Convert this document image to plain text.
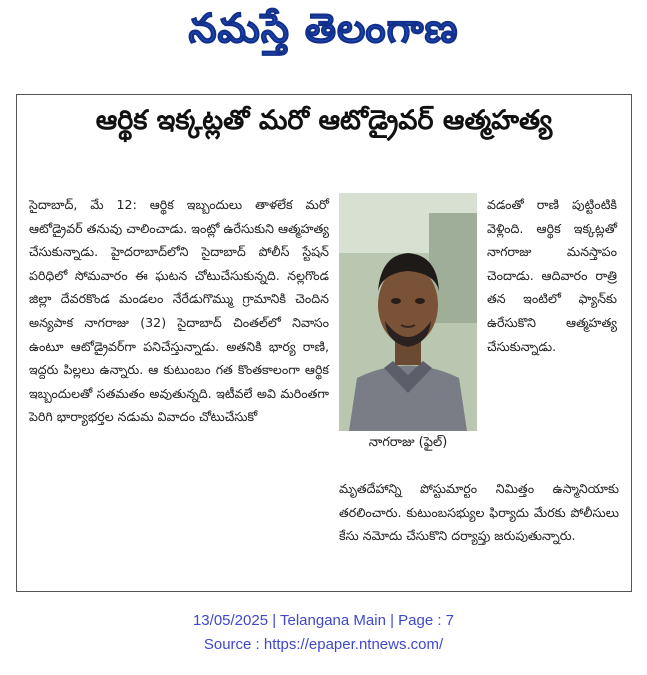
నమస్తే తెలంగాణ
ఆర్థిక ఇక్కట్లతో మరో ఆటోడ్రైవర్ ఆత్మహత్య

సైదాబాద్, మే 12: ఆర్థిక ఇబ్బందులు తాళలేక మరో ఆటోడ్రైవర్ తనువు చాలించాడు. ఇంట్లో ఉరేసుకుని ఆత్మహత్య చేసుకున్నాడు. హైదరాబాద్‌లోని సైదాబాద్ పోలీస్ స్టేషన్ పరిధిలో సోమవారం ఈ ఘటన చోటుచేసుకున్నది. నల్లగొండ జిల్లా దేవరకొండ మండలం నేరేడుగొమ్ము గ్రామానికి చెందిన అన్యపాక నాగరాజు (32) సైదాబాద్ చింతల్‌లో నివాసం ఉంటూ ఆటోడ్రైవర్‌గా పనిచేస్తున్నాడు. అతనికి భార్య రాణి, ఇద్దరు పిల్లలు ఉన్నారు. ఆ కుటుంబం గత కొంతకాలంగా ఆర్థిక ఇబ్బందులతో సతమతం అవుతున్నది. ఇటీవలే అవి మరింతగా పెరిగి భార్యాభర్తల నడుమ వివాదం చోటుచేసుకో

నాగరాజు (ఫైల్)

వడంతో రాణి పుట్టింటికి వెళ్లింది. ఆర్థిక ఇక్కట్లతో నాగరాజు మనస్తాపం చెందాడు. ఆదివారం రాత్రి తన ఇంటిలో ఫ్యాన్‌కు ఉరేసుకొని ఆత్మహత్య చేసుకున్నాడు.

మృతదేహాన్ని పోస్టుమార్టం నిమిత్తం ఉస్మానియాకు తరలించారు. కుటుంబసభ్యుల ఫిర్యాదు మేరకు పోలీసులు కేసు నమోదు చేసుకొని దర్యాప్తు జరుపుతున్నారు.

13/05/2025 | Telangana Main | Page : 7
Source : https://epaper.ntnews.com/
